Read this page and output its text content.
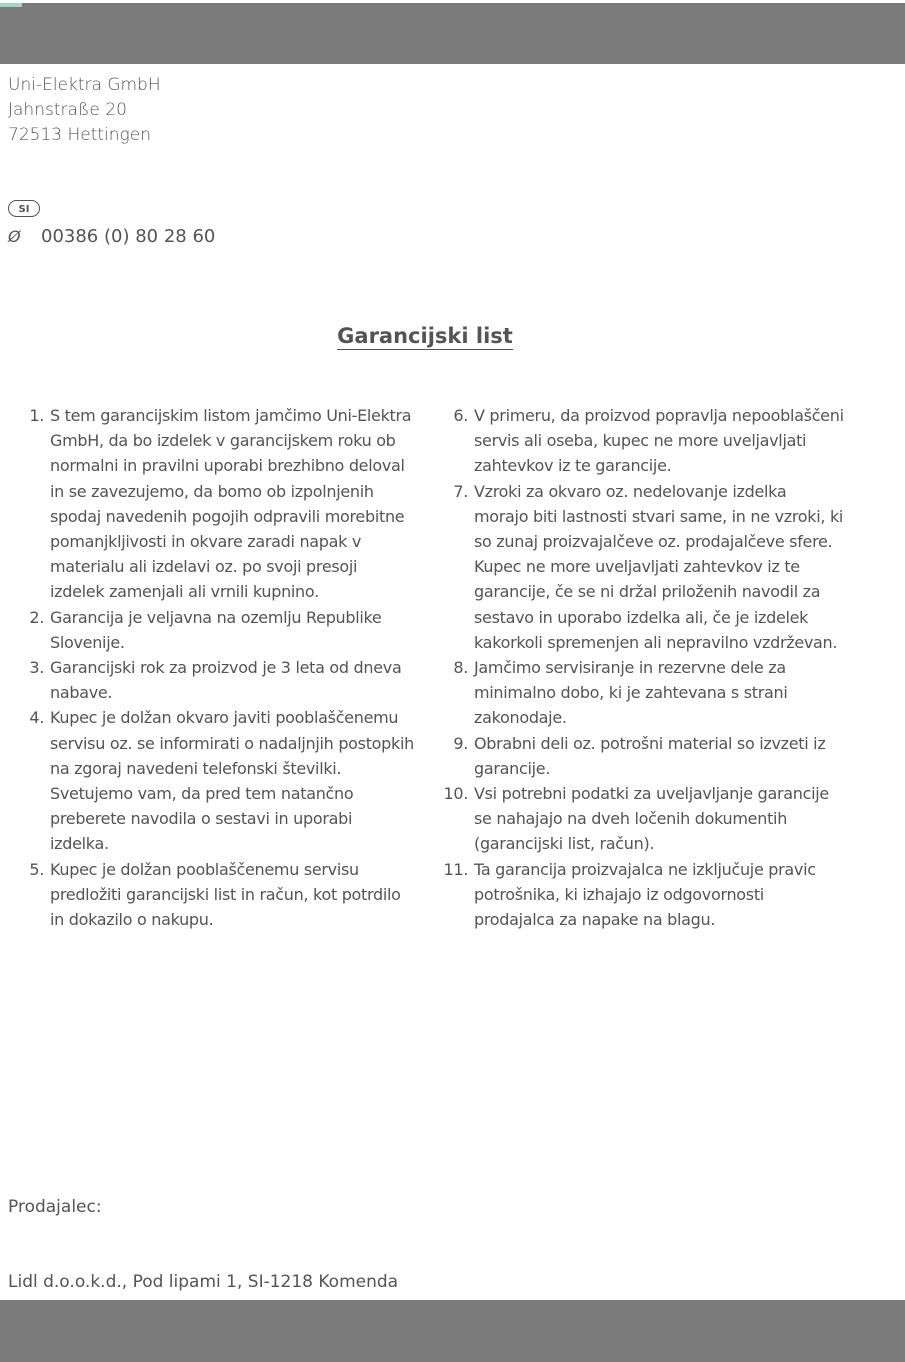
Uni-Elektra GmbH
Jahnstraße 20
72513 Hettingen
SI
Ø 00386 (0) 80 28 60
Garancijski list
1. S tem garancijskim listom jamčimo Uni-Elektra GmbH, da bo izdelek v garancijskem roku ob normalni in pravilni uporabi brezhibno deloval in se zavezujemo, da bomo ob izpolnjenih spodaj navedenih pogojih odpravili morebitne pomanjkljivosti in okvare zaradi napak v materialu ali izdelavi oz. po svoji presoji izdelek zamenjali ali vrnili kupnino.
2. Garancija je veljavna na ozemlju Republike Slovenije.
3. Garancijski rok za proizvod je 3 leta od dneva nabave.
4. Kupec je dolžan okvaro javiti pooblaščenemu servisu oz. se informirati o nadaljnjih postopkih na zgoraj navedeni telefonski številki. Svetujemo vam, da pred tem natančno preberete navodila o sestavi in uporabi izdelka.
5. Kupec je dolžan pooblaščenemu servisu predložiti garancijski list in račun, kot potrdilo in dokazilo o nakupu.
6. V primeru, da proizvod popravlja nepooblaščeni servis ali oseba, kupec ne more uveljavljati zahtevkov iz te garancije.
7. Vzroki za okvaro oz. nedelovanje izdelka morajo biti lastnosti stvari same, in ne vzroki, ki so zunaj proizvajalčeve oz. prodajalčeve sfere. Kupec ne more uveljavljati zahtevkov iz te garancije, če se ni držal priloženih navodil za sestavo in uporabo izdelka ali, če je izdelek kakorkoli spremenjen ali nepravilno vzdrževan.
8. Jamčimo servisiranje in rezervne dele za minimalno dobo, ki je zahtevana s strani zakonodaje.
9. Obrabni deli oz. potrošni material so izvzeti iz garancije.
10. Vsi potrebni podatki za uveljavljanje garancije se nahajajo na dveh ločenih dokumentih (garancijski list, račun).
11. Ta garancija proizvajalca ne izključuje pravic potrošnika, ki izhajajo iz odgovornosti prodajalca za napake na blagu.
Prodajalec:
Lidl d.o.o.k.d., Pod lipami 1, SI-1218 Komenda
